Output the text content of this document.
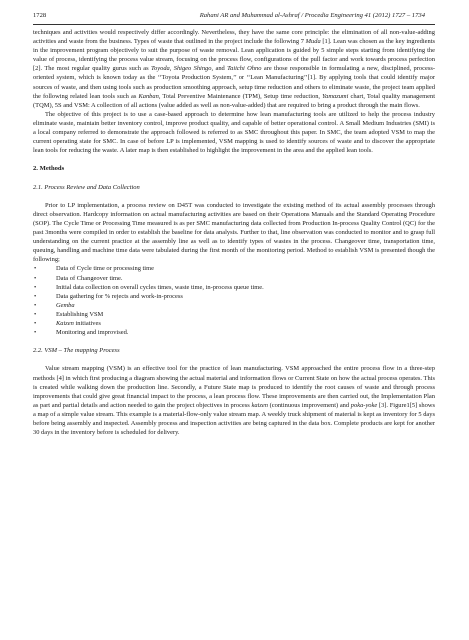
1728	Rahani AR and Muhammad al-Ashraf / Procedia Engineering 41 (2012) 1727 – 1734

techniques and activities would respectively differ accordingly. Nevertheless, they have the same core principle: the elimination of all non-value-adding activities and waste from the business. Types of waste that outlined in the project include the following 7 Muda [1]. Lean was chosen as the key ingredients in the improvement program objectively to suit the purpose of waste removal. Lean application is guided by 5 simple steps starting from identifying the value of process, identifying the process value stream, focusing on the process flow, configurations of the pull factor and work towards process perfection [2]. The most regular quality gurus such as Toyoda, Shigeo Shingo, and Taiichi Ohno are those responsible in formulating a new, disciplined, process-oriented system, which is known today as the ‘‘Toyota Production System,’’ or ‘‘Lean Manufacturing’’[1]. By applying tools that could identify major sources of waste, and then using tools such as production smoothing approach, setup time reduction and others to eliminate waste, the project team applied the following related lean tools such as Kanban, Total Preventive Maintenance (TPM), Setup time reduction, Yamazumi chart, Total quality management (TQM), 5S and VSM: A collection of all actions (value added as well as non-value-added) that are required to bring a product through the main flows.

The objective of this project is to use a case-based approach to determine how lean manufacturing tools are utilized to help the process industry eliminate waste, maintain better inventory control, improve product quality, and capable of better operational control. A Small Medium Industries (SMI) is a local company referred to demonstrate the approach followed is referred to as SMC throughout this paper. In SMC, the team adopted VSM to map the current operating state for SMC. In case of before LP is implemented, VSM mapping is used to identify sources of waste and to discover the appropriate lean tools for reducing the waste. A later map is then established to highlight the improvement in the area and the applied lean tools.

2. Methods
2.1. Process Review and Data Collection

Prior to LP implementation, a process review on D45T was conducted to investigate the existing method of its actual assembly processes through direct observation. Hardcopy information on actual manufacturing activities are based on their Operations Manuals and the Standard Operating Procedure (SOP). The Cycle Time or Processing Time measured is as per SMC manufacturing data collected from Production In-process Quality Control (QC) for the past 3months were compiled in order to establish the baseline for data analysis. Further to that, line observation was conducted to monitor and to grasp full understanding on the current practice at the assembly line as well as to identify types of wastes in the process. Changeover time, transportation time, queuing, handling and machine time data were tabulated during the first month of the monitoring period. Method to establish VSM is presented though the following;

•	Data of Cycle time or processing time
•	Data of Changeover time.
•	Initial data collection on overall cycles times, waste time, in-process queue time.
•	Data gathering for % rejects and work-in-process
•	Gemba
•	Establishing VSM
•	Kaizen initiatives
•	Monitoring and improvised.
2.2. VSM – The mapping Process

Value stream mapping (VSM) is an effective tool for the practice of lean manufacturing. VSM approached the entire process flow in a three-step methods [4] in which first producing a diagram showing the actual material and information flows or Current State on how the actual process operates. This is created while walking down the production line. Secondly, a Future State map is produced to identify the root causes of waste and through process improvements that could give great financial impact to the process, a lean process flow. These improvements are then carried out, the Implementation Plan as part and partial details and action needed to gain the project objectives in process kaizen (continuous improvement) and poka-yoke [3]. Figure1[5] shows a map of a simple value stream. This example is a material-flow-only value stream map. A weekly truck shipment of material is kept as inventory for 5 days before being assembly and inspected. Assembly process and inspection activities are being captured in the data box. Complete products are kept for another 30 days in the inventory before is scheduled for delivery.
